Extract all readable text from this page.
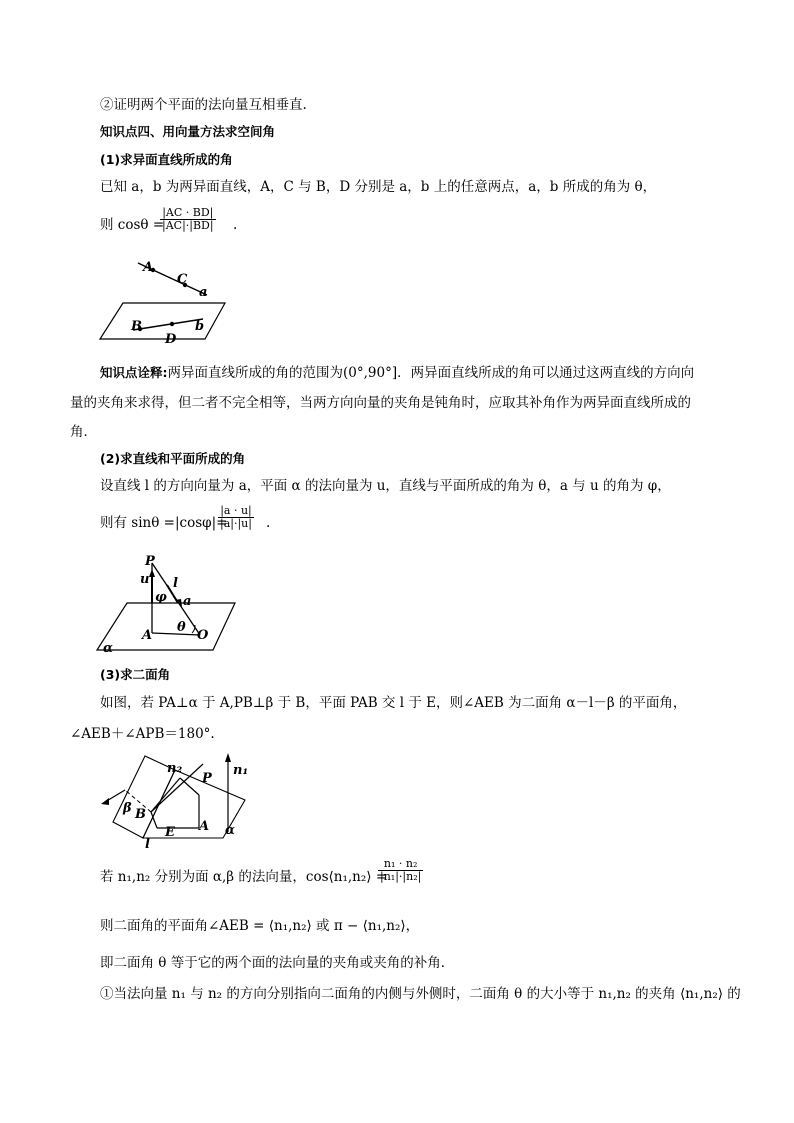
②证明两个平面的法向量互相垂直.
知识点四、用向量方法求空间角
(1)求异面直线所成的角
已知 a，b 为两异面直线，A，C 与 B，D 分别是 a，b 上的任意两点，a，b 所成的角为 θ，
则 cosθ =
$\frac{|AC \cdot BD|}{|AC|\cdot|BD|}$ .
A
C
a
B	b
D
知识点诠释:两异面直线所成的角的范围为(0°,90°]．两异面直线所成的角可以通过这两直线的方向向
量的夹角来求得，但二者不完全相等，当两方向向量的夹角是钝角时，应取其补角作为两异面直线所成的
角．
(2)求直线和平面所成的角
设直线 l 的方向向量为 a，平面 α 的法向量为 u，直线与平面所成的角为 θ，a 与 u 的角为 φ，
则有 sinθ =|cosφ|=
$\frac{|a \cdot u|}{|a|\cdot|u|}$ .
P
u l
φ a
A
θ
O
α
(3)求二面角
如图，若 PA⊥α 于 A,PB⊥β 于 B，平面 PAB 交 l 于 E，则∠AEB 为二面角 α－l－β 的平面角，
∠AEB＋∠APB＝180°.
n₂
P
n₁
β B
E A α
l
若 n₁,n₂ 分别为面 α,β 的法向量，cos⟨n₁,n₂⟩ =
$\frac{\text{n₁ · n₂}}{\text{|n₁|·|n₂|}}$
则二面角的平面角∠AEB = ⟨n₁,n₂⟩ 或 π − ⟨n₁,n₂⟩，
即二面角 θ 等于它的两个面的法向量的夹角或夹角的补角．
①当法向量 n₁ 与 n₂ 的方向分别指向二面角的内侧与外侧时，二面角 θ 的大小等于 n₁,n₂ 的夹角 ⟨n₁,n₂⟩ 的
